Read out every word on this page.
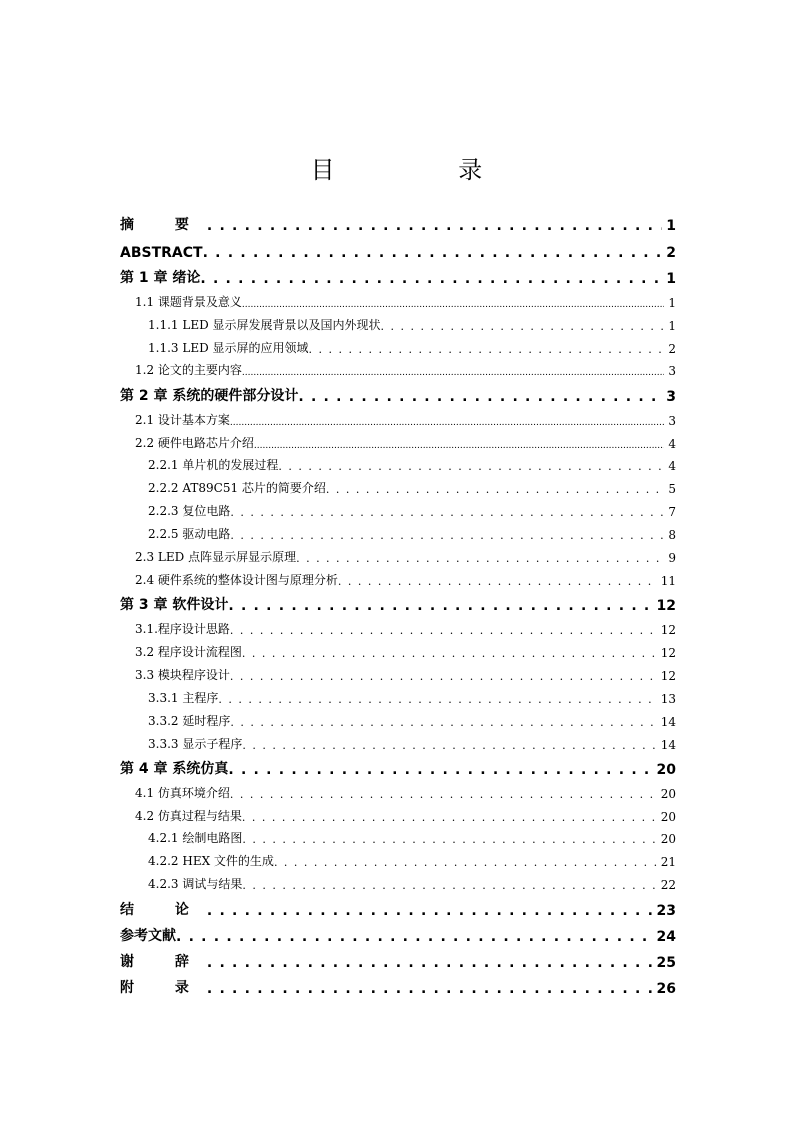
目 录
摘 要 . . .	1
ABSTRACT . . .	2
第 1 章 绪论 . . .	1
1.1 课题背景及意义 .....	1
1.1.1 LED 显示屏发展背景以及国内外现状 . . .	1
1.1.3 LED 显示屏的应用领域 . . .	2
1.2 论文的主要内容 .....	3
第 2 章 系统的硬件部分设计 . . .	3
2.1 设计基本方案 .....	3
2.2 硬件电路芯片介绍 .....	4
2.2.1 单片机的发展过程 . . .	4
2.2.2 AT89C51 芯片的简要介绍 . . .	5
2.2.3 复位电路 . . .	7
2.2.5 驱动电路 . . .	8
2.3 LED 点阵显示屏显示原理 . . .	9
2.4 硬件系统的整体设计图与原理分析 . . .	11
第 3 章 软件设计 . . .	12
3.1.程序设计思路 . . .	12
3.2 程序设计流程图 . . .	12
3.3 模块程序设计 . . .	12
3.3.1 主程序 . . .	13
3.3.2 延时程序 . . .	14
3.3.3 显示子程序 . . .	14
第 4 章 系统仿真 . . .	20
4.1 仿真环境介绍 . . .	20
4.2 仿真过程与结果 . . .	20
4.2.1 绘制电路图 . . .	20
4.2.2 HEX 文件的生成 . . .	21
4.2.3 调试与结果 . . .	22
结 论 . . .	23
参考文献 . . .	24
谢 辞 . . .	25
附 录 . . .	26
